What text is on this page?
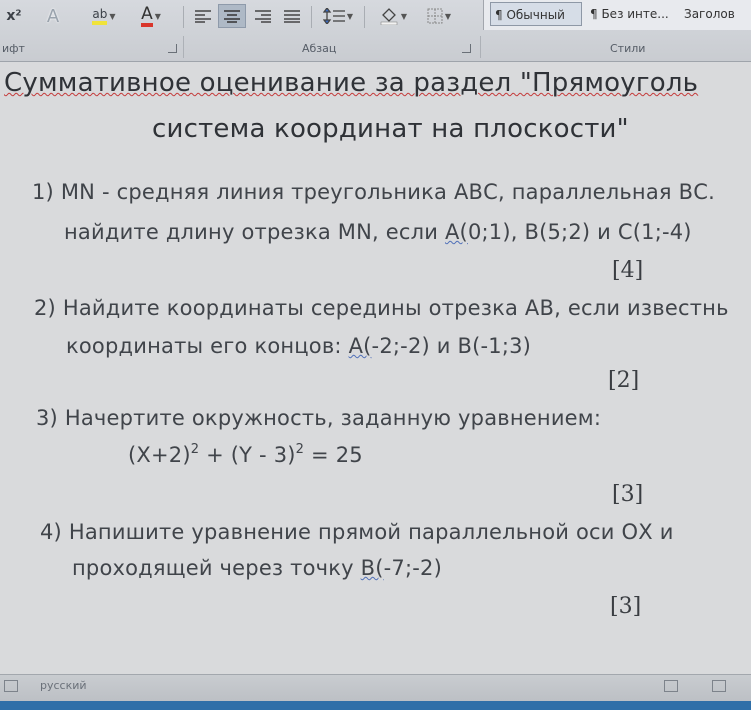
x² A	ab ▼ A ▼	▼	▼	▼	¶ Обычный	¶ Без инте...	Заголов
ифт	Абзац	Стили
Суммативное оценивание за раздел "Прямоуголь
система координат на плоскости"
1) MN - средняя линия треугольника АВС, параллельная ВС.
найдите длину отрезка MN, если А(0;1), В(5;2) и С(1;-4)
[4]
2) Найдите координаты середины отрезка АВ, если известнь
координаты его концов: А(-2;-2) и В(-1;3)
[2]
3) Начертите окружность, заданную уравнением:
$(X+2)^2 + (Y - 3)^2 = 25$
[3]
4) Напишите уравнение прямой параллельной оси ОХ и
проходящей через точку В(-7;-2)
[3]
русский
